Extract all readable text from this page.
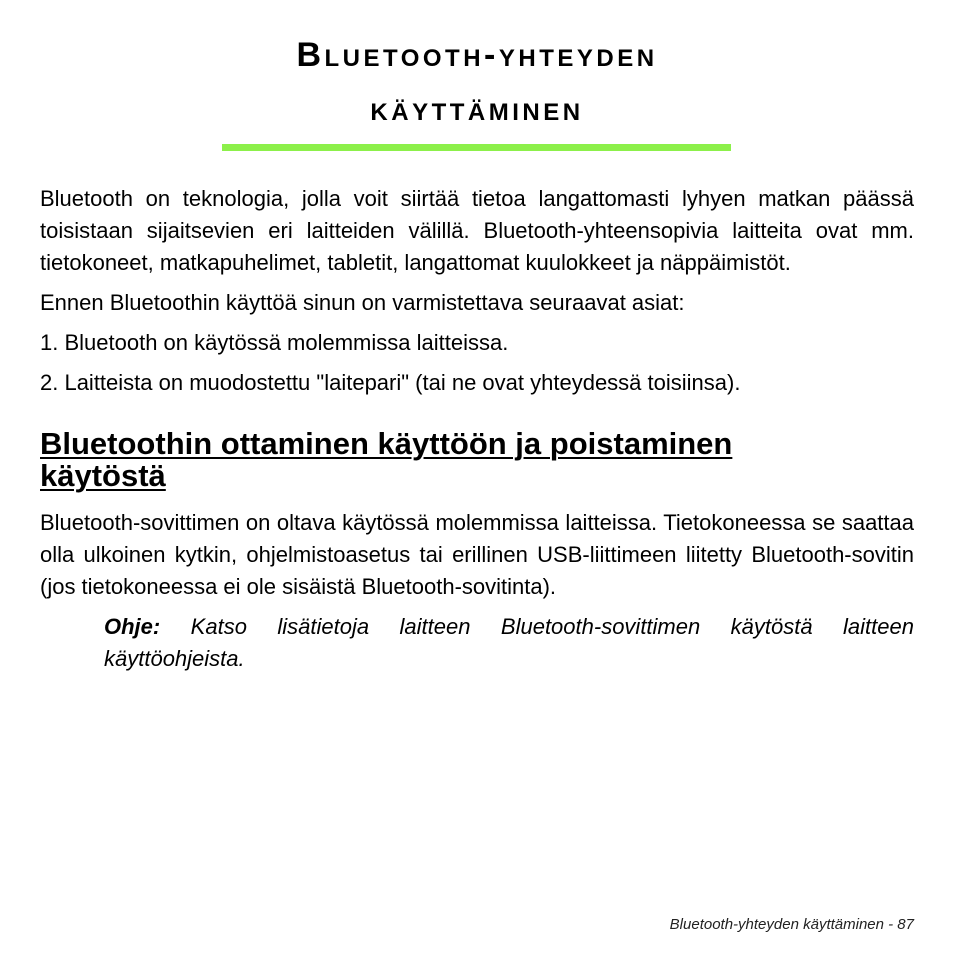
Bluetooth-yhteyden
käyttäminen

Bluetooth on teknologia, jolla voit siirtää tietoa langattomasti lyhyen matkan päässä toisistaan sijaitsevien eri laitteiden välillä. Bluetooth-yhteensopivia laitteita ovat mm. tietokoneet, matkapuhelimet, tabletit, langattomat kuulokkeet ja näppäimistöt.

Ennen Bluetoothin käyttöä sinun on varmistettava seuraavat asiat:

1. Bluetooth on käytössä molemmissa laitteissa.

2. Laitteista on muodostettu "laitepari" (tai ne ovat yhteydessä toisiinsa).

Bluetoothin ottaminen käyttöön ja poistaminen käytöstä

Bluetooth-sovittimen on oltava käytössä molemmissa laitteissa. Tietokoneessa se saattaa olla ulkoinen kytkin, ohjelmistoasetus tai erillinen USB-liittimeen liitetty Bluetooth-sovitin (jos tietokoneessa ei ole sisäistä Bluetooth-sovitinta).

Ohje: Katso lisätietoja laitteen Bluetooth-sovittimen käytöstä laitteen käyttöohjeista.

Bluetooth-yhteyden käyttäminen - 87
